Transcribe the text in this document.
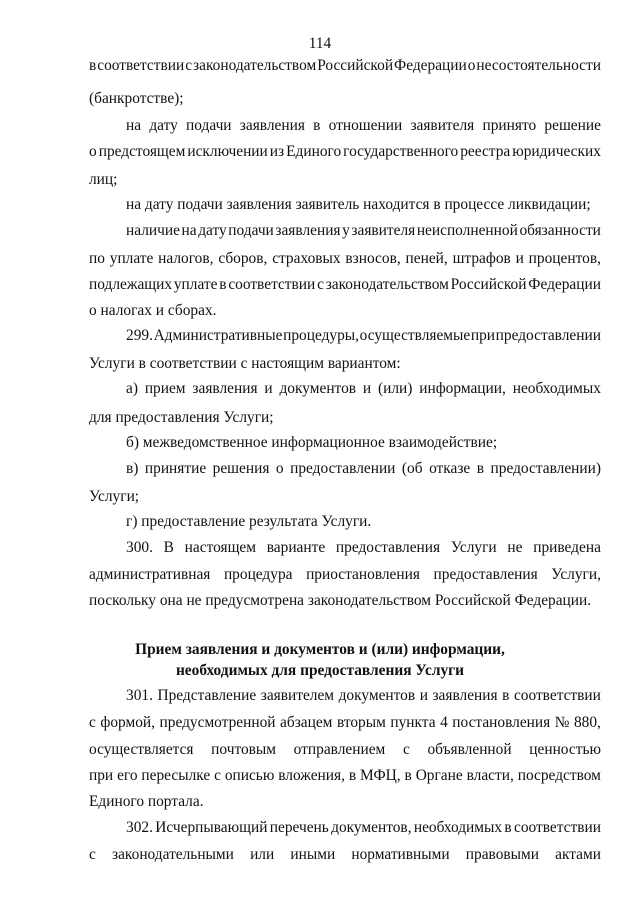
114
в соответствии с законодательством Российской Федерации о несостоятельности
(банкротстве);
на дату подачи заявления в отношении заявителя принято решение
о предстоящем исключении из Единого государственного реестра юридических
лиц;
на дату подачи заявления заявитель находится в процессе ликвидации;
наличие на дату подачи заявления у заявителя неисполненной обязанности
по уплате налогов, сборов, страховых взносов, пеней, штрафов и процентов,
подлежащих уплате в соответствии с законодательством Российской Федерации
о налогах и сборах.
299. Административные процедуры, осуществляемые при предоставлении
Услуги в соответствии с настоящим вариантом:
а) прием заявления и документов и (или) информации, необходимых
для предоставления Услуги;
б) межведомственное информационное взаимодействие;
в) принятие решения о предоставлении (об отказе в предоставлении)
Услуги;
г) предоставление результата Услуги.
300. В настоящем варианте предоставления Услуги не приведена
административная процедура приостановления предоставления Услуги,
поскольку она не предусмотрена законодательством Российской Федерации.
Прием заявления и документов и (или) информации,
необходимых для предоставления Услуги
301. Представление заявителем документов и заявления в соответствии
с формой, предусмотренной абзацем вторым пункта 4 постановления № 880,
осуществляется почтовым отправлением с объявленной ценностью
при его пересылке с описью вложения, в МФЦ, в Органе власти, посредством
Единого портала.
302. Исчерпывающий перечень документов, необходимых в соответствии
с законодательными или иными нормативными правовыми актами
